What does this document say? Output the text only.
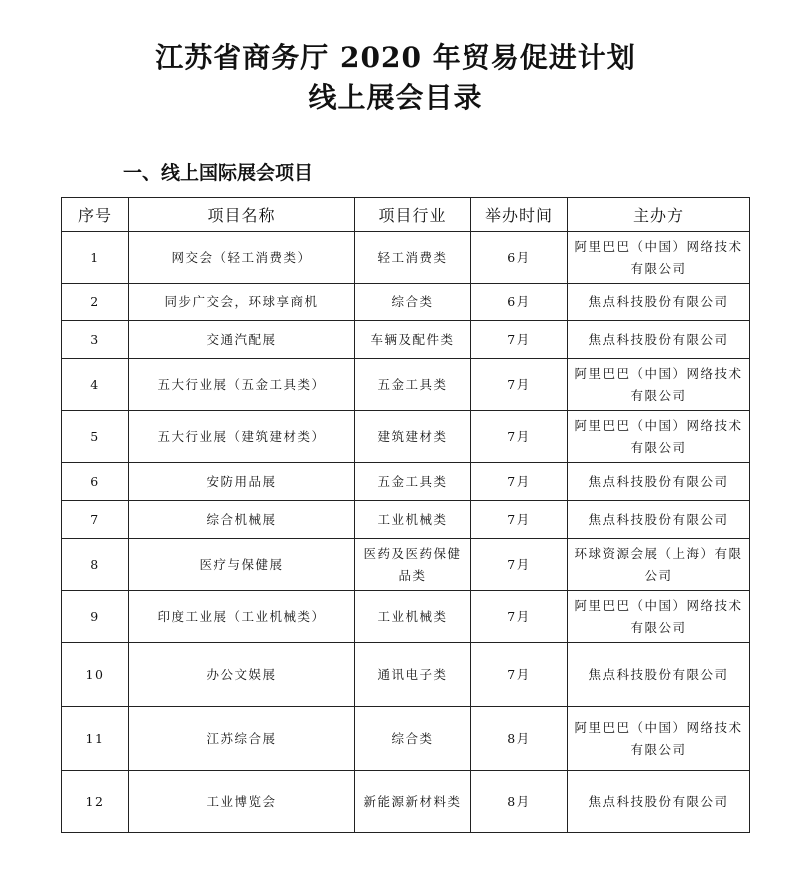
江苏省商务厅 2020 年贸易促进计划
线上展会目录
一、线上国际展会项目
序号	项目名称	项目行业	举办时间	主办方
1	网交会（轻工消费类）	轻工消费类	6月	阿里巴巴（中国）网络技术有限公司
2	同步广交会，环球享商机	综合类	6月	焦点科技股份有限公司
3	交通汽配展	车辆及配件类	7月	焦点科技股份有限公司
4	五大行业展（五金工具类）	五金工具类	7月	阿里巴巴（中国）网络技术有限公司
5	五大行业展（建筑建材类）	建筑建材类	7月	阿里巴巴（中国）网络技术有限公司
6	安防用品展	五金工具类	7月	焦点科技股份有限公司
7	综合机械展	工业机械类	7月	焦点科技股份有限公司
8	医疗与保健展	医药及医药保健品类	7月	环球资源会展（上海）有限公司
9	印度工业展（工业机械类）	工业机械类	7月	阿里巴巴（中国）网络技术有限公司
10	办公文娱展	通讯电子类	7月	焦点科技股份有限公司
11	江苏综合展	综合类	8月	阿里巴巴（中国）网络技术有限公司
12	工业博览会	新能源新材料类	8月	焦点科技股份有限公司
